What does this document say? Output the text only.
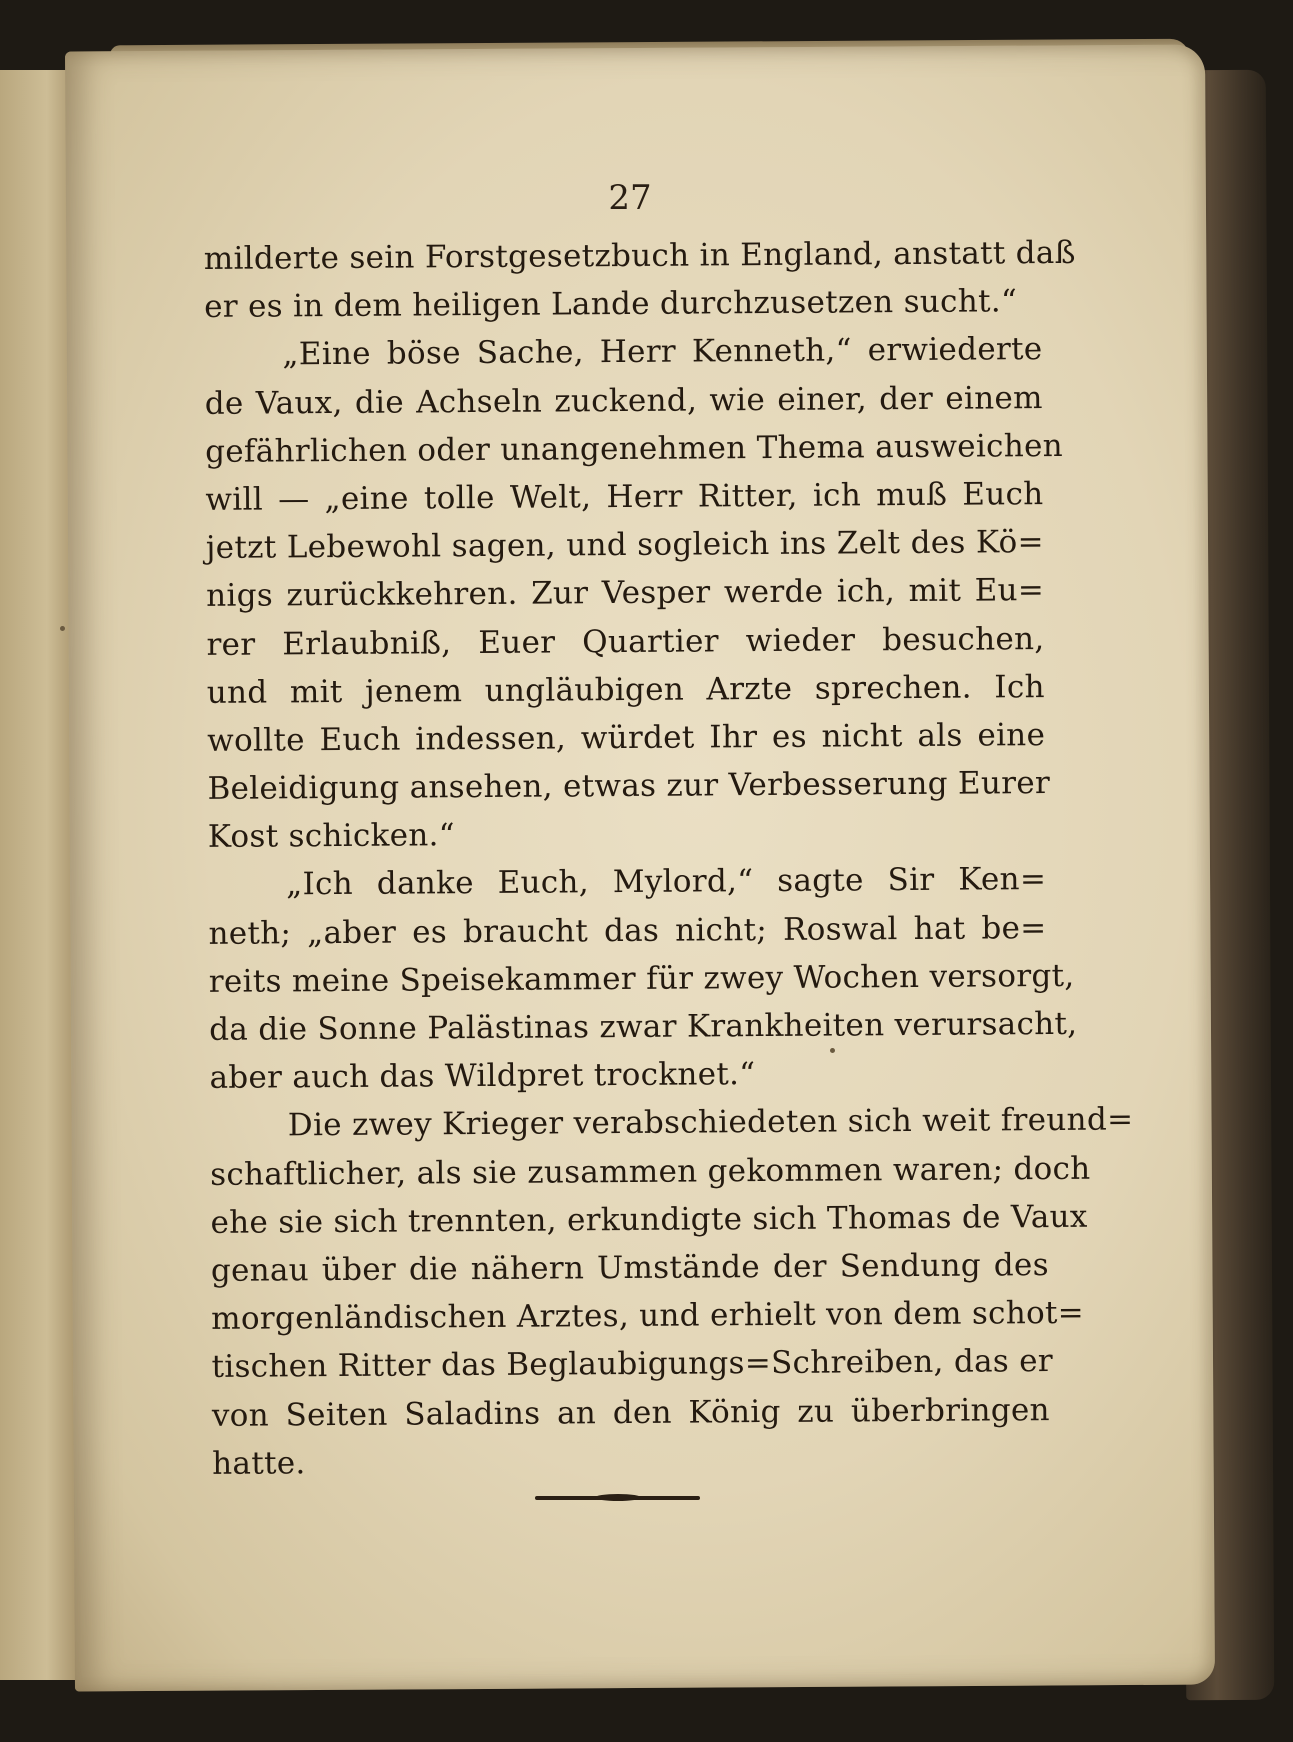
27
milderte sein Forstgesetzbuch in England, anstatt daß
er es in dem heiligen Lande durchzusetzen sucht.“
„Eine böse Sache, Herr Kenneth,“ erwiederte
de Vaux, die Achseln zuckend, wie einer, der einem
gefährlichen oder unangenehmen Thema ausweichen
will — „eine tolle Welt, Herr Ritter, ich muß Euch
jetzt Lebewohl sagen, und sogleich ins Zelt des Kö=
nigs zurückkehren. Zur Vesper werde ich, mit Eu=
rer Erlaubniß, Euer Quartier wieder besuchen,
und mit jenem ungläubigen Arzte sprechen. Ich
wollte Euch indessen, würdet Ihr es nicht als eine
Beleidigung ansehen, etwas zur Verbesserung Eurer
Kost schicken.“
„Ich danke Euch, Mylord,“ sagte Sir Ken=
neth; „aber es braucht das nicht; Roswal hat be=
reits meine Speisekammer für zwey Wochen versorgt,
da die Sonne Palästinas zwar Krankheiten verursacht,
aber auch das Wildpret trocknet.“
Die zwey Krieger verabschiedeten sich weit freund=
schaftlicher, als sie zusammen gekommen waren; doch
ehe sie sich trennten, erkundigte sich Thomas de Vaux
genau über die nähern Umstände der Sendung des
morgenländischen Arztes, und erhielt von dem schot=
tischen Ritter das Beglaubigungs=Schreiben, das er
von Seiten Saladins an den König zu überbringen
hatte.
